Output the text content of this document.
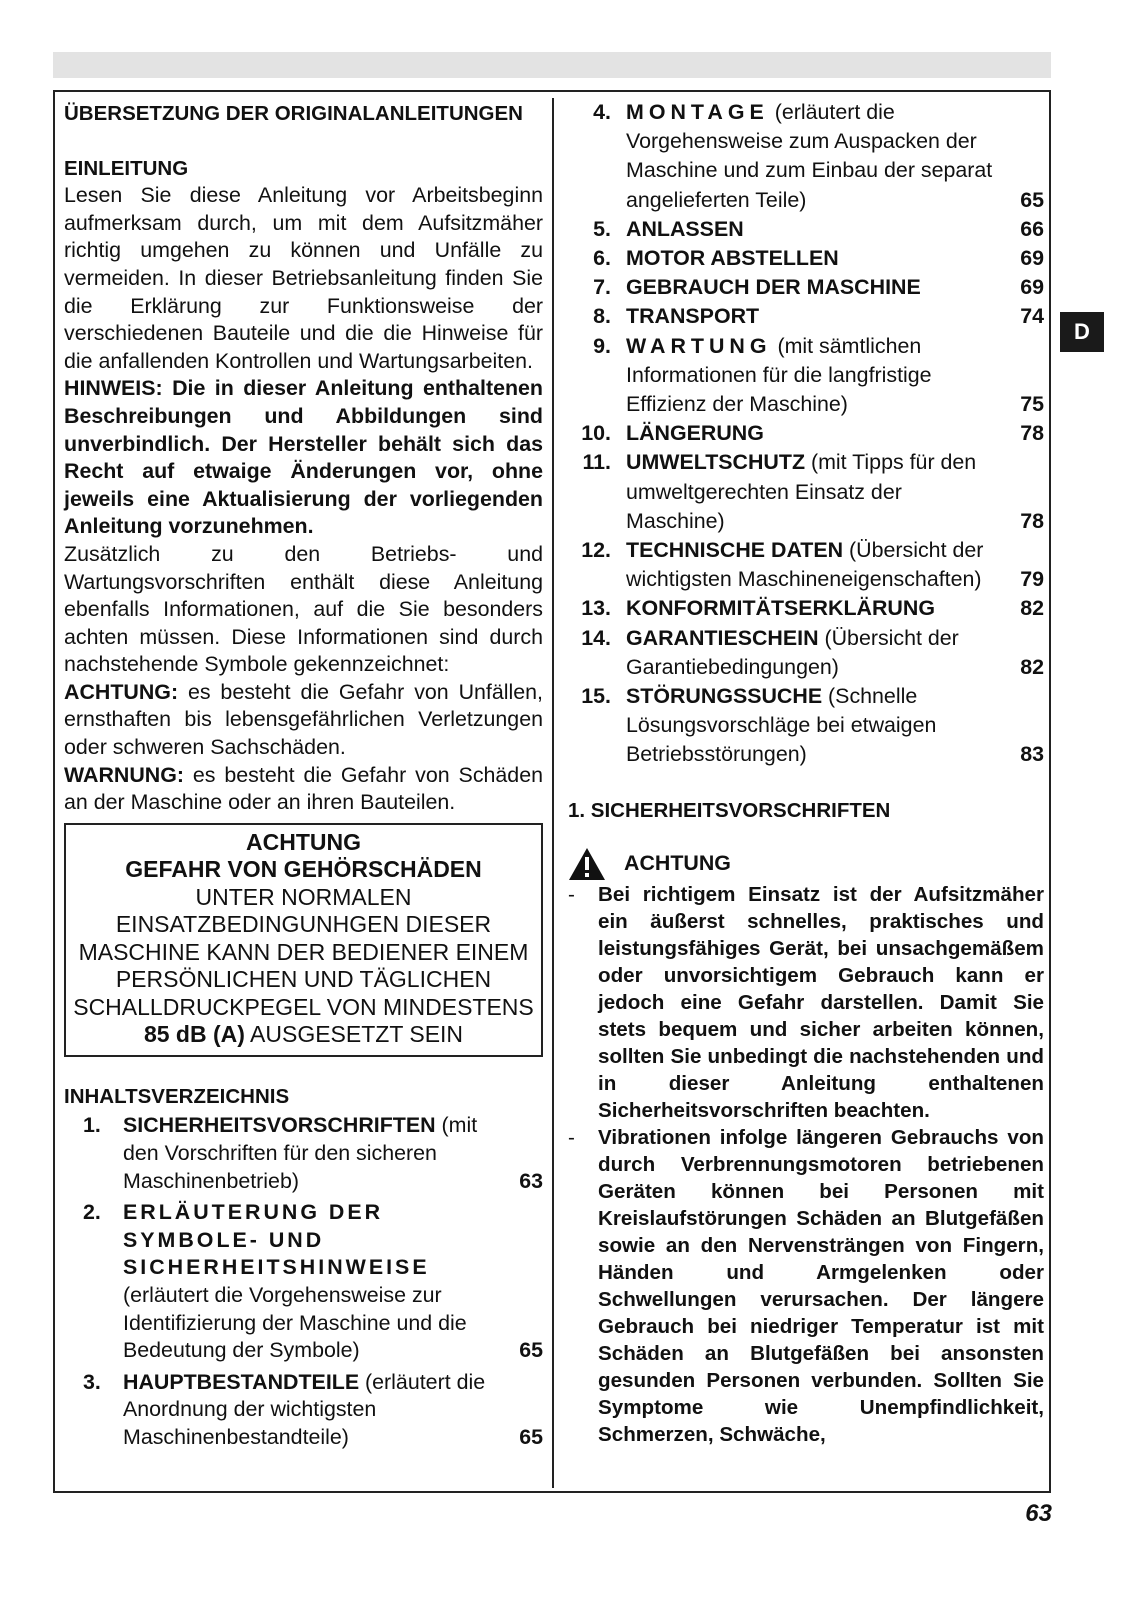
D

ÜBERSETZUNG DER ORIGINALANLEITUNGEN

EINLEITUNG

Lesen Sie diese Anleitung vor Arbeitsbeginn aufmerksam durch, um mit dem Aufsitzmäher richtig umgehen zu können und Unfälle zu vermeiden. In dieser Betriebsanleitung finden Sie die Erklärung zur Funktionsweise der verschiedenen Bauteile und die die Hinweise für die anfallenden Kontrollen und Wartungsarbeiten.

HINWEIS: Die in dieser Anleitung enthaltenen Beschreibungen und Abbildungen sind unverbindlich. Der Hersteller behält sich das Recht auf etwaige Änderungen vor, ohne jeweils eine Aktualisierung der vorliegenden Anleitung vorzunehmen.

Zusätzlich zu den Betriebs- und Wartungsvorschriften enthält diese Anleitung ebenfalls Informationen, auf die Sie besonders achten müssen. Diese Informationen sind durch nachstehende Symbole gekennzeichnet:

ACHTUNG: es besteht die Gefahr von Unfällen, ernsthaften bis lebensgefährlichen Verletzungen oder schweren Sachschäden.

WARNUNG: es besteht die Gefahr von Schäden an der Maschine oder an ihren Bauteilen.

ACHTUNG
GEFAHR VON GEHÖRSCHÄDEN
UNTER NORMALEN EINSATZBEDINGUNHGEN DIESER MASCHINE KANN DER BEDIENER EINEM PERSÖNLICHEN UND TÄGLICHEN SCHALLDRUCKPEGEL VON MINDESTENS
85 dB (A) AUSGESETZT SEIN

INHALTSVERZEICHNIS

1.	SICHERHEITSVORSCHRIFTEN (mit den Vorschriften für den sicheren Maschinenbetrieb)	63
2.	ERLÄUTERUNG DER SYMBOLE- UND SICHERHEITSHINWEISE (erläutert die Vorgehensweise zur Identifizierung der Maschine und die Bedeutung der Symbole)	65
3.	HAUPTBESTANDTEILE (erläutert die Anordnung der wichtigsten Maschinenbestandteile)	65
4. MONTAGE (erläutert die Vorgehensweise zum Auspacken der Maschine und zum Einbau der separat angelieferten Teile)	65
5. ANLASSEN	66
6. MOTOR ABSTELLEN	69
7. GEBRAUCH DER MASCHINE	69
8. TRANSPORT	74
9. WARTUNG (mit sämtlichen Informationen für die langfristige Effizienz der Maschine)	75
10. LÄNGERUNG	78
11. UMWELTSCHUTZ (mit Tipps für den umweltgerechten Einsatz der Maschine)	78
12. TECHNISCHE DATEN (Übersicht der wichtigsten Maschineneigenschaften)	79
13. KONFORMITÄTSERKLÄRUNG	82
14. GARANTIESCHEIN (Übersicht der Garantiebedingungen)	82
15. STÖRUNGSSUCHE (Schnelle Lösungsvorschläge bei etwaigen Betriebsstörungen)	83

1. SICHERHEITSVORSCHRIFTEN

ACHTUNG
-	Bei richtigem Einsatz ist der Aufsitzmäher ein äußerst schnelles, praktisches und leistungsfähiges Gerät, bei unsachgemäßem oder unvorsichtigem Gebrauch kann er jedoch eine Gefahr darstellen. Damit Sie stets bequem und sicher arbeiten können, sollten Sie unbedingt die nachstehenden und in dieser Anleitung enthaltenen Sicherheitsvorschriften beachten.
-	Vibrationen infolge längeren Gebrauchs von durch Verbrennungsmotoren betriebenen Geräten können bei Personen mit Kreislaufstörungen Schäden an Blutgefäßen sowie an den Nervensträngen von Fingern, Händen und Armgelenken oder Schwellungen verursachen. Der längere Gebrauch bei niedriger Temperatur ist mit Schäden an Blutgefäßen bei ansonsten gesunden Personen verbunden. Sollten Sie Symptome wie Unempfindlichkeit, Schmerzen, Schwäche,
63
